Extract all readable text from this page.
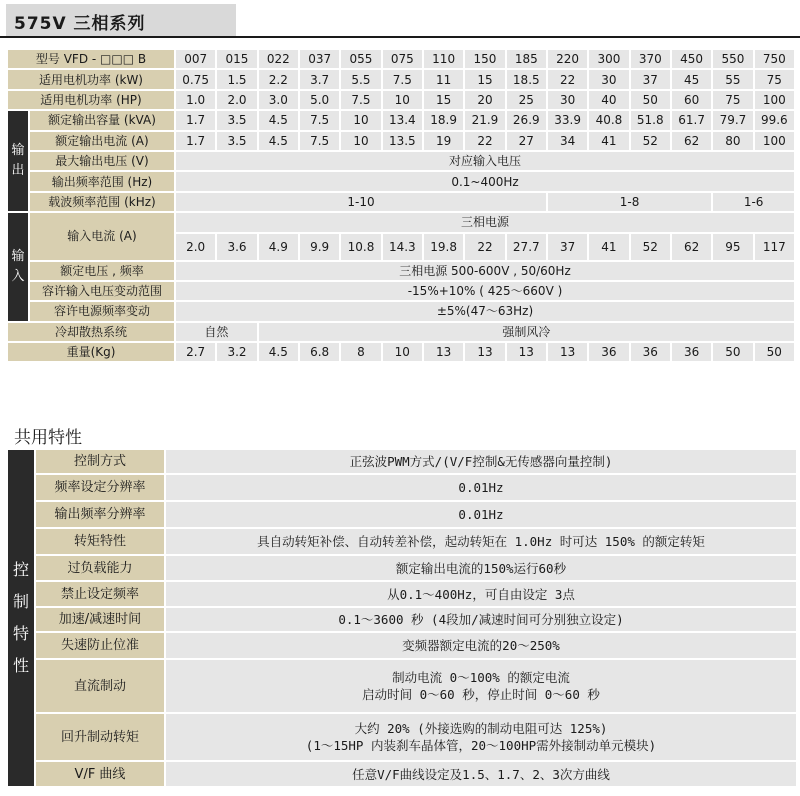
575V 三相系列
型号 VFD - □□□ B		007	015	022	037	055	075	110	150	185	220	300	370	450	550	750
适用电机功率 (kW)		0.75	1.5	2.2	3.7	5.5	7.5	11	15	18.5	22	30	37	45	55	75
适用电机功率 (HP)		1.0	2.0	3.0	5.0	7.5	10	15	20	25	30	40	50	60	75	100
输出	额定输出容量 (kVA)	1.7	3.5	4.5	7.5	10	13.4	18.9	21.9	26.9	33.9	40.8	51.8	61.7	79.7	99.6
	额定输出电流 (A)	1.7	3.5	4.5	7.5	10	13.5	19	22	27	34	41	52	62	80	100
	最大输出电压 (V)	对应输入电压														
	输出频率范围 (Hz)	0.1~400Hz														
	载波频率范围 (kHz)	1-10									1-8				1-6	
输入	输入电流 (A)	三相电源														
		2.0	3.6	4.9	9.9	10.8	14.3	19.8	22	27.7	37	41	52	62	95	117
	额定电压 , 频率	三相电源 500-600V , 50/60Hz														
	容许输入电压变动范围	-15%+10% ( 425～660V )														
	容许电源频率变动	±5%(47～63Hz)														
冷却散热系统		自然		强制风冷												
重量(Kg)		2.7	3.2	4.5	6.8	8	10	13	13	13	13	36	36	36	50	50
共用特性
控
制
特
性	控制方式	正弦波PWM方式/(V/F控制&无传感器向量控制)

	频率设定分辨率	0.01Hz

	输出频率分辨率	0.01Hz

	转矩特性	具自动转矩补偿、自动转差补偿，起动转矩在 1.0Hz 时可达 150% 的额定转矩

	过负载能力	额定输出电流的150%运行60秒

	禁止设定频率	从0.1～400Hz，可自由设定 3点

	加速/减速时间	0.1～3600 秒 (4段加/减速时间可分别独立设定)

	失速防止位准	变频器额定电流的20～250%

	直流制动	制动电流 0～100% 的额定电流
启动时间 0～60 秒，停止时间 0～60 秒

	回升制动转矩	大约 20% (外接选购的制动电阻可达 125%)
(1～15HP 内装刹车晶体管，20～100HP需外接制动单元模块)

	V/F 曲线	任意V/F曲线设定及1.5、1.7、2、3次方曲线
